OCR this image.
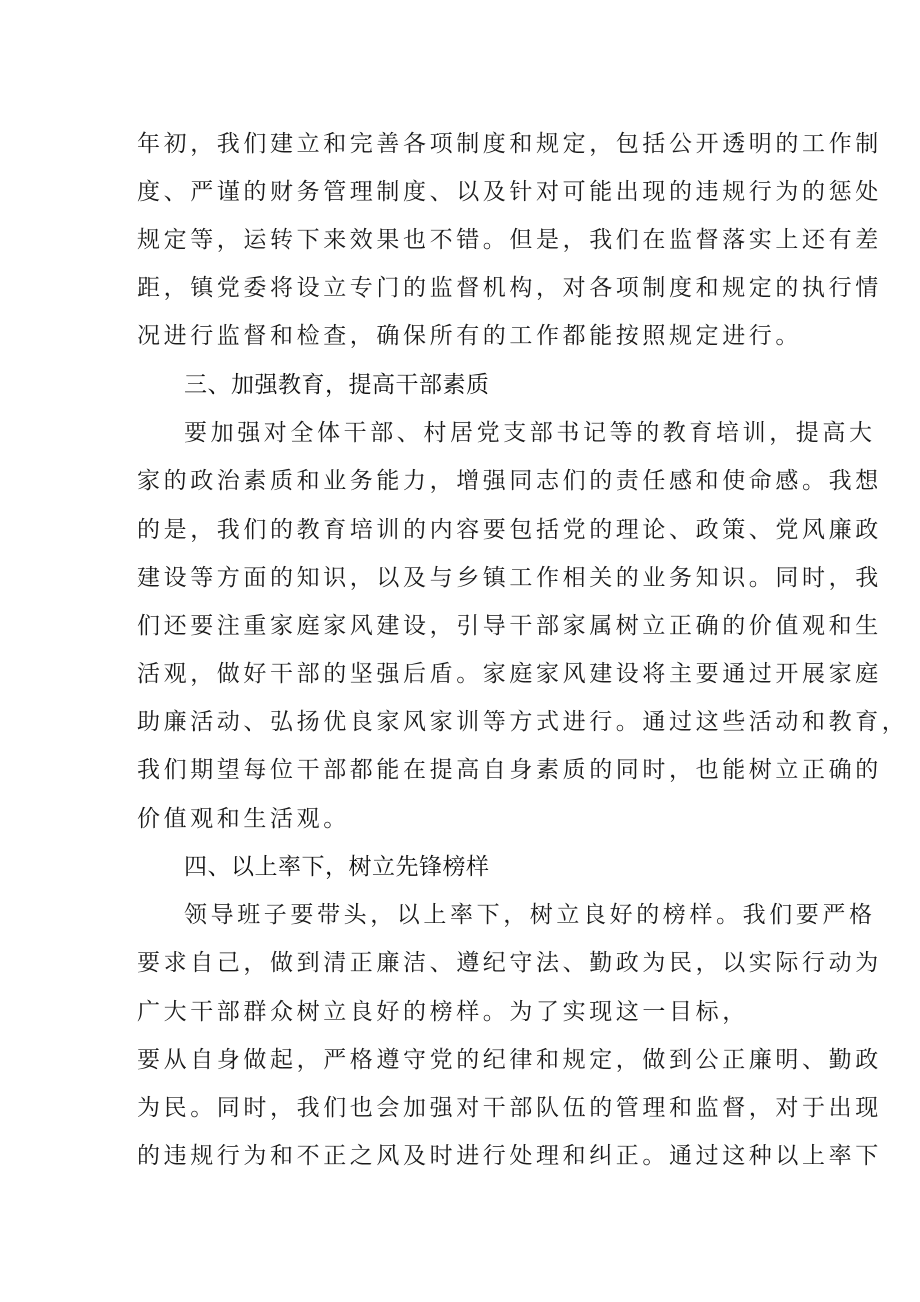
年初，我们建立和完善各项制度和规定，包括公开透明的工作制
度、严谨的财务管理制度、以及针对可能出现的违规行为的惩处
规定等，运转下来效果也不错。但是，我们在监督落实上还有差
距，镇党委将设立专门的监督机构，对各项制度和规定的执行情
况进行监督和检查，确保所有的工作都能按照规定进行。
三、加强教育，提高干部素质
要加强对全体干部、村居党支部书记等的教育培训，提高大
家的政治素质和业务能力，增强同志们的责任感和使命感。我想
的是，我们的教育培训的内容要包括党的理论、政策、党风廉政
建设等方面的知识，以及与乡镇工作相关的业务知识。同时，我
们还要注重家庭家风建设，引导干部家属树立正确的价值观和生
活观，做好干部的坚强后盾。家庭家风建设将主要通过开展家庭
助廉活动、弘扬优良家风家训等方式进行。通过这些活动和教育，
我们期望每位干部都能在提高自身素质的同时，也能树立正确的
价值观和生活观。
四、以上率下，树立先锋榜样
领导班子要带头，以上率下，树立良好的榜样。我们要严格
要求自己，做到清正廉洁、遵纪守法、勤政为民，以实际行动为
广大干部群众树立良好的榜样。为了实现这一目标，
要从自身做起，严格遵守党的纪律和规定，做到公正廉明、勤政
为民。同时，我们也会加强对干部队伍的管理和监督，对于出现
的违规行为和不正之风及时进行处理和纠正。通过这种以上率下
